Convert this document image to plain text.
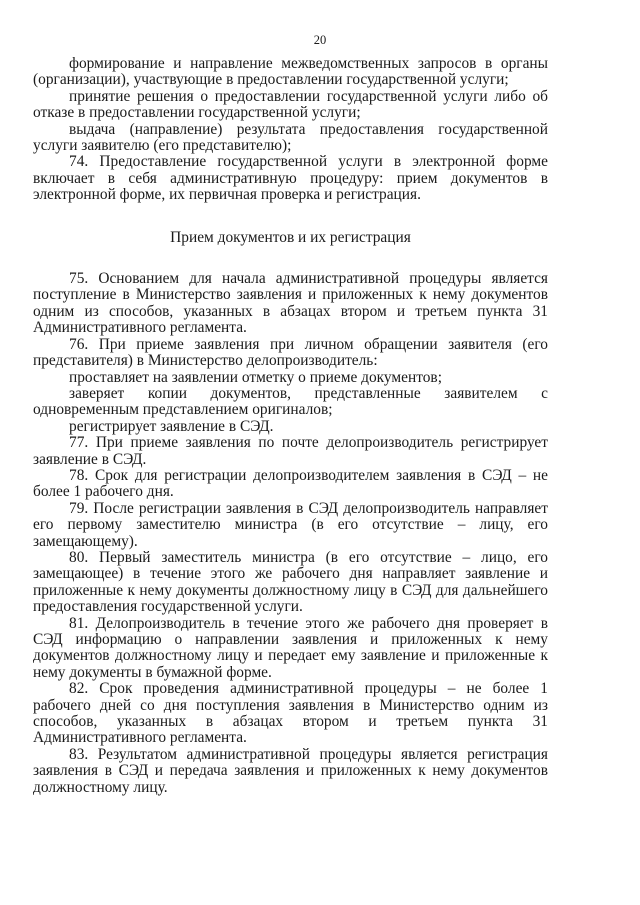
20

формирование и направление межведомственных запросов в органы (организации), участвующие в предоставлении государственной услуги;

принятие решения о предоставлении государственной услуги либо об отказе в предоставлении государственной услуги;

выдача (направление) результата предоставления государственной услуги заявителю (его представителю);

74. Предоставление государственной услуги в электронной форме включает в себя административную процедуру: прием документов в электронной форме, их первичная проверка и регистрация.

Прием документов и их регистрация

75. Основанием для начала административной процедуры является поступление в Министерство заявления и приложенных к нему документов одним из способов, указанных в абзацах втором и третьем пункта 31 Административного регламента.

76. При приеме заявления при личном обращении заявителя (его представителя) в Министерство делопроизводитель:

проставляет на заявлении отметку о приеме документов;

заверяет копии документов, представленные заявителем с одновременным представлением оригиналов;

регистрирует заявление в СЭД.

77. При приеме заявления по почте делопроизводитель регистрирует заявление в СЭД.

78. Срок для регистрации делопроизводителем заявления в СЭД – не более 1 рабочего дня.

79. После регистрации заявления в СЭД делопроизводитель направляет его первому заместителю министра (в его отсутствие – лицу, его замещающему).

80. Первый заместитель министра (в его отсутствие – лицо, его замещающее) в течение этого же рабочего дня направляет заявление и приложенные к нему документы должностному лицу в СЭД для дальнейшего предоставления государственной услуги.

81. Делопроизводитель в течение этого же рабочего дня проверяет в СЭД информацию о направлении заявления и приложенных к нему документов должностному лицу и передает ему заявление и приложенные к нему документы в бумажной форме.

82. Срок проведения административной процедуры – не более 1 рабочего дней со дня поступления заявления в Министерство одним из способов, указанных в абзацах втором и третьем пункта 31 Административного регламента.

83. Результатом административной процедуры является регистрация заявления в СЭД и передача заявления и приложенных к нему документов должностному лицу.
